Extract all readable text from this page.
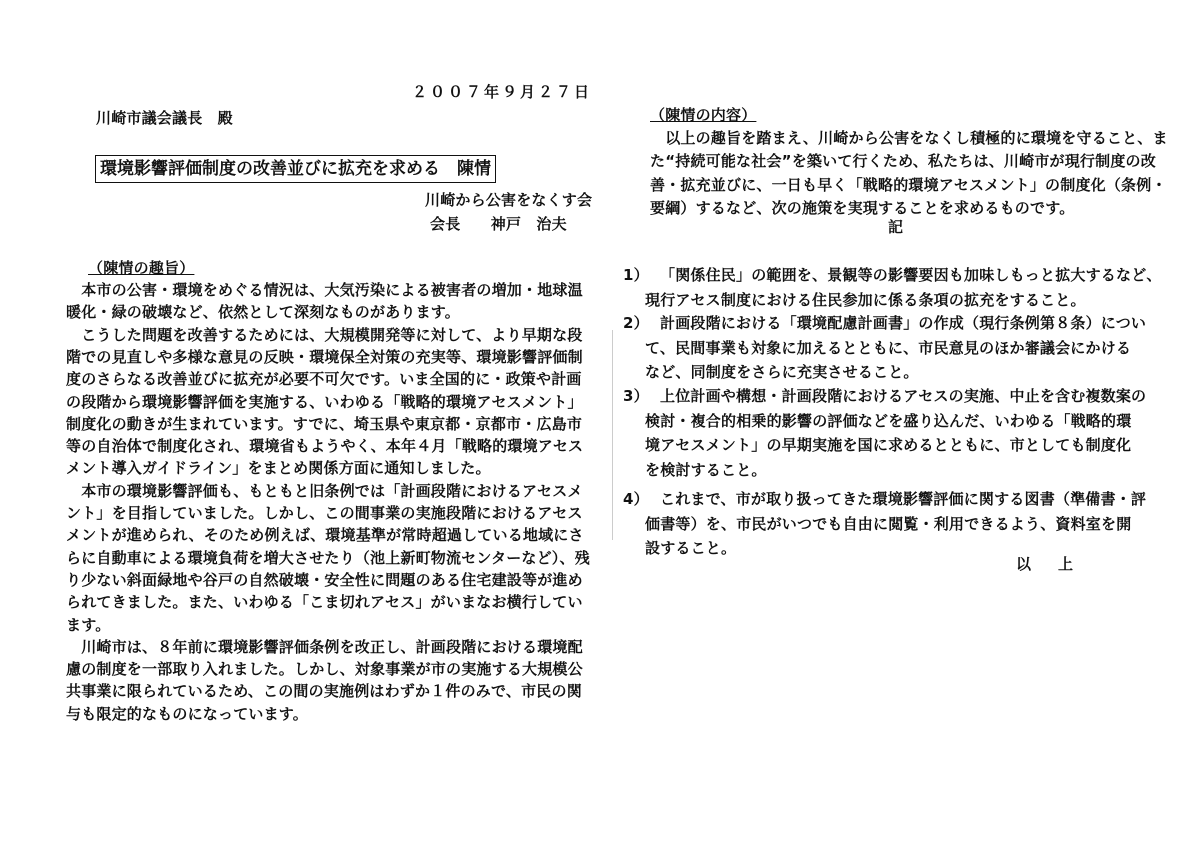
２００７年９月２７日
川崎市議会議長　殿
環境影響評価制度の改善並びに拡充を求める　陳情
川崎から公害をなくす会
会長　　神戸　治夫
（陳情の趣旨）
　本市の公害・環境をめぐる情況は、大気汚染による被害者の増加・地球温
暖化・緑の破壊など、依然として深刻なものがあります。
　こうした問題を改善するためには、大規模開発等に対して、より早期な段
階での見直しや多様な意見の反映・環境保全対策の充実等、環境影響評価制
度のさらなる改善並びに拡充が必要不可欠です。いま全国的に・政策や計画
の段階から環境影響評価を実施する、いわゆる「戦略的環境アセスメント」
制度化の動きが生まれています。すでに、埼玉県や東京都・京都市・広島市
等の自治体で制度化され、環境省もようやく、本年４月「戦略的環境アセス
メント導入ガイドライン」をまとめ関係方面に通知しました。
　本市の環境影響評価も、もともと旧条例では「計画段階におけるアセスメ
ント」を目指していました。しかし、この間事業の実施段階におけるアセス
メントが進められ、そのため例えば、環境基準が常時超過している地域にさ
らに自動車による環境負荷を増大させたり（池上新町物流センターなど）、残
り少ない斜面緑地や谷戸の自然破壊・安全性に問題のある住宅建設等が進め
られてきました。また、いわゆる「こま切れアセス」がいまなお横行してい
ます。
　川崎市は、８年前に環境影響評価条例を改正し、計画段階における環境配
慮の制度を一部取り入れました。しかし、対象事業が市の実施する大規模公
共事業に限られているため、この間の実施例はわずか１件のみで、市民の関
与も限定的なものになっています。
（陳情の内容）
　以上の趣旨を踏まえ、川崎から公害をなくし積極的に環境を守ること、ま
た“持続可能な社会”を築いて行くため、私たちは、川崎市が現行制度の改
善・拡充並びに、一日も早く「戦略的環境アセスメント」の制度化（条例・
要綱）するなど、次の施策を実現することを求めるものです。
記
1） 「関係住民」の範囲を、景観等の影響要因も加味しもっと拡大するなど、
現行アセス制度における住民参加に係る条項の拡充をすること。
2） 計画段階における「環境配慮計画書」の作成（現行条例第８条）につい
て、民間事業も対象に加えるとともに、市民意見のほか審議会にかける
など、同制度をさらに充実させること。
3） 上位計画や構想・計画段階におけるアセスの実施、中止を含む複数案の
検討・複合的相乗的影響の評価などを盛り込んだ、いわゆる「戦略的環
境アセスメント」の早期実施を国に求めるとともに、市としても制度化
を検討すること。
4） これまで、市が取り扱ってきた環境影響評価に関する図書（準備書・評
価書等）を、市民がいつでも自由に閲覧・利用できるよう、資料室を開
設すること。
以　上
